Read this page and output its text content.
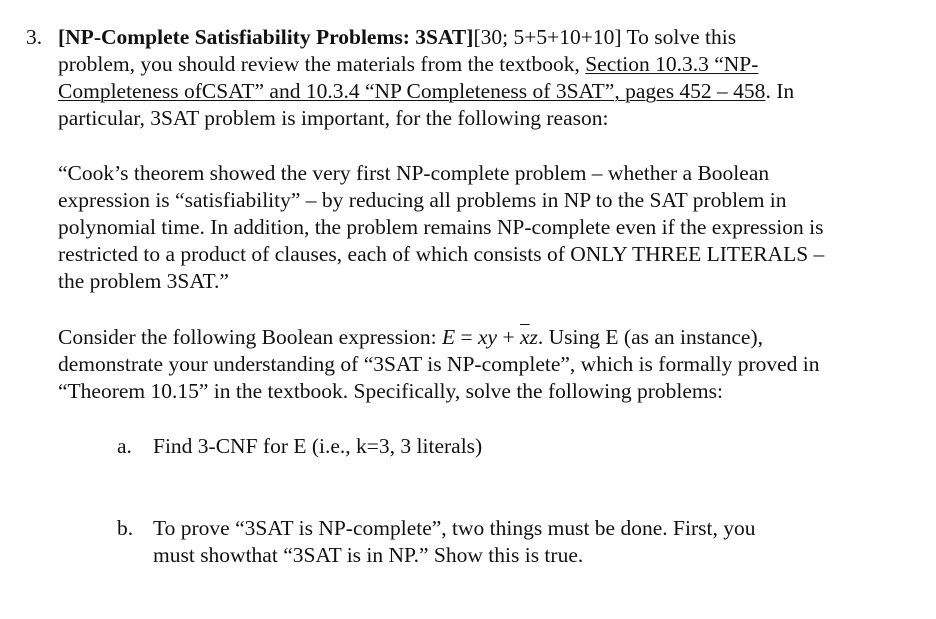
3. [NP-Complete Satisfiability Problems: 3SAT][30; 5+5+10+10] To solve this
problem, you should review the materials from the textbook, Section 10.3.3 “NP-
Completeness ofCSAT” and 10.3.4 “NP Completeness of 3SAT”, pages 452 – 458. In
particular, 3SAT problem is important, for the following reason:
“Cook’s theorem showed the very first NP-complete problem – whether a Boolean
expression is “satisfiability” – by reducing all problems in NP to the SAT problem in
polynomial time. In addition, the problem remains NP-complete even if the expression is
restricted to a product of clauses, each of which consists of ONLY THREE LITERALS –
the problem 3SAT.”
Consider the following Boolean expression: E = xy + $\overline{x}z$. Using E (as an instance),
demonstrate your understanding of “3SAT is NP-complete”, which is formally proved in
“Theorem 10.15” in the textbook. Specifically, solve the following problems:
a. Find 3-CNF for E (i.e., k=3, 3 literals)
b. To prove “3SAT is NP-complete”, two things must be done. First, you
must showthat “3SAT is in NP.” Show this is true.
